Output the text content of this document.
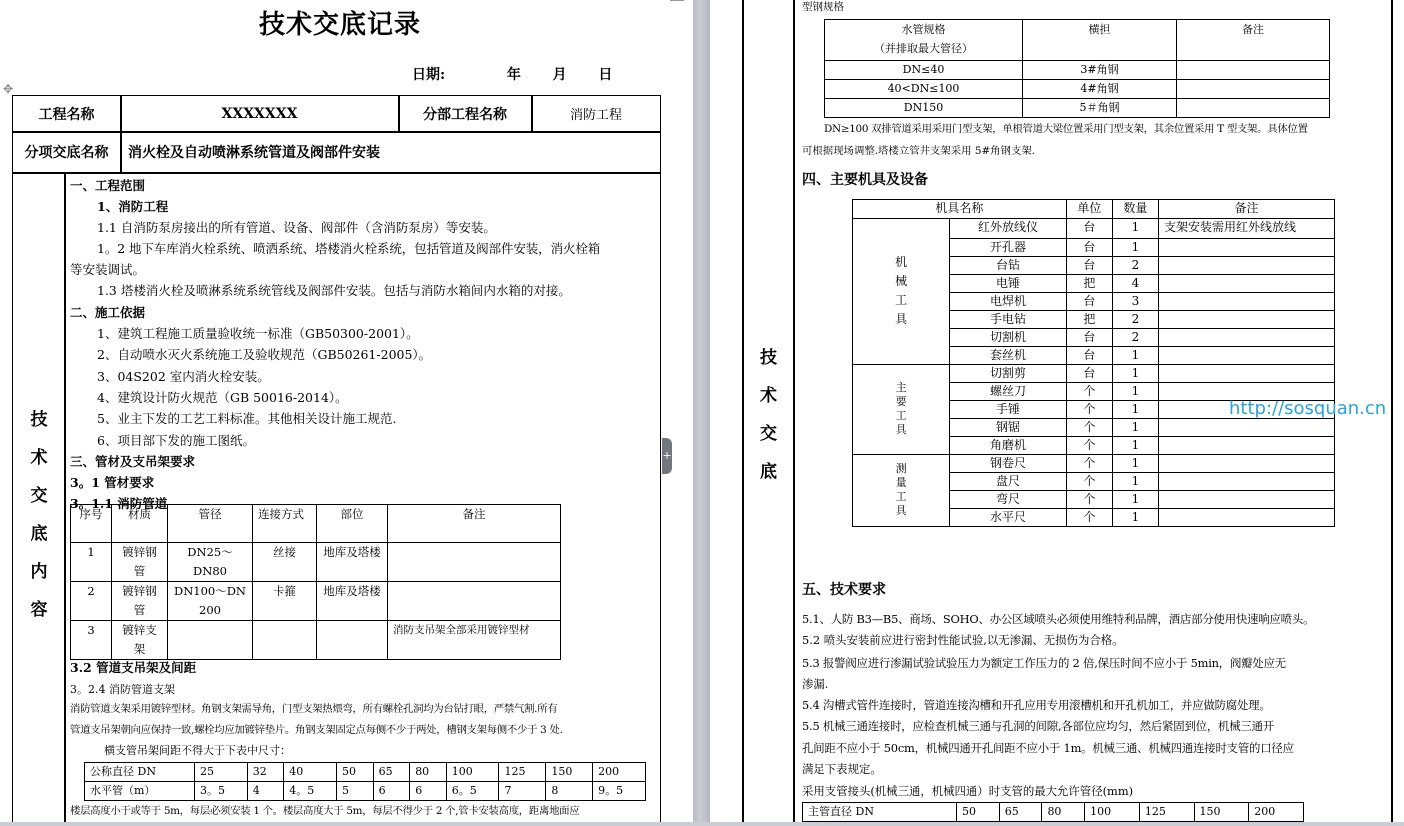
技术交底记录
日期:	年 月 日
✥
工程名称	XXXXXXX	分部工程名称	消防工程
分项交底名称	消火栓及自动喷淋系统管道及阀部件安装
技
术
交
底
内
容
一、工程范围
1、消防工程
1.1 自消防泵房接出的所有管道、设备、阀部件（含消防泵房）等安装。
1。2 地下车库消火栓系统、喷洒系统、塔楼消火栓系统，包括管道及阀部件安装，消火栓箱
等安装调试。
1.3 塔楼消火栓及喷淋系统系统管线及阀部件安装。包括与消防水箱间内水箱的对接。
二、施工依据
1、建筑工程施工质量验收统一标准（GB50300-2001）。
2、自动喷水灭火系统施工及验收规范（GB50261-2005）。
3、04S202 室内消火栓安装。
4、建筑设计防火规范（GB 50016-2014）。
5、业主下发的工艺工料标准。其他相关设计施工规范.
6、项目部下发的施工图纸。
三、管材及支吊架要求
3。1 管材要求
3。1.1 消防管道
序号	材质	管径	连接方式	部位	备注
1	镀锌钢管	DN25～DN80	丝接	地库及塔楼	
2	镀锌钢管	DN100～DN200	卡箍	地库及塔楼	
3	镀锌支架				消防支吊架全部采用镀锌型材
3.2 管道支吊架及间距
3。2.4 消防管道支架
消防管道支架采用镀锌型材。角钢支架需导角，门型支架热煨弯，所有螺栓孔洞均为台钻打眼，严禁气割.所有
管道支吊架朝向应保持一致,螺栓均应加镀锌垫片。角钢支架固定点每侧不少于两处，槽钢支架每侧不少于 3 处.
横支管吊架间距不得大于下表中尺寸：
公称直径 DN	25	32	40	50	65	80	100	125	150	200
水平管（m）	3。5	4	4。5	5	6	6	6。5	7	8	9。5
楼层高度小于或等于 5m，每层必须安装 1 个。楼层高度大于 5m，每层不得少于 2 个,管卡安装高度，距离地面应
+
技
术
交
底
型钢规格
水管规格
（并排取最大管径）	横担	备注
DN≤40	3#角钢	
40<DN≤100	4#角钢	
DN150	5＃角钢	
DN≥100 双排管道采用采用门型支架，单根管道大梁位置采用门型支架，其余位置采用 T 型支架。具体位置
可根据现场调整.塔楼立管井支架采用 5#角钢支架.
四、主要机具及设备
机具名称		单位	数量	备注

机
械
工
具	红外放线仪	台	1	支架安装需用红外线放线
	开孔器	台	1	
	台钻	台	2	
	电锤	把	4	
	电焊机	台	3	
	手电钻	把	2	
	切割机	台	2	
	套丝机	台	1	

主
要
工
具	切割剪	台	1	
	螺丝刀	个	1	
	手锤	个	1	
	钢锯	个	1	
	角磨机	个	1	

测
量
工
具	钢卷尺	个	1	
	盘尺	个	1	
	弯尺	个	1	
	水平尺	个	1	
五、技术要求
5.1、人防 B3—B5、商场、SOHO、办公区域喷头必须使用维特利品牌，酒店部分使用快速响应喷头。
5.2 喷头安装前应进行密封性能试验,以无渗漏、无损伤为合格。
5.3 报警阀应进行渗漏试验试验压力为额定工作压力的 2 倍,保压时间不应小于 5min，阀瓣处应无
渗漏.
5.4 沟槽式管件连接时，管道连接沟槽和开孔应用专用滚槽机和开孔机加工，并应做防腐处理。
5.5 机械三通连接时，应检查机械三通与孔洞的间隙,各部位应均匀，然后紧固到位，机械三通开
孔间距不应小于 50cm，机械四通开孔间距不应小于 1m。机械三通、机械四通连接时支管的口径应
满足下表规定。
采用支管接头(机械三通，机械四通）时支管的最大允许管径(mm)
主管直径 DN	50	65	80	100	125	150	200
http://sosquan.cn
